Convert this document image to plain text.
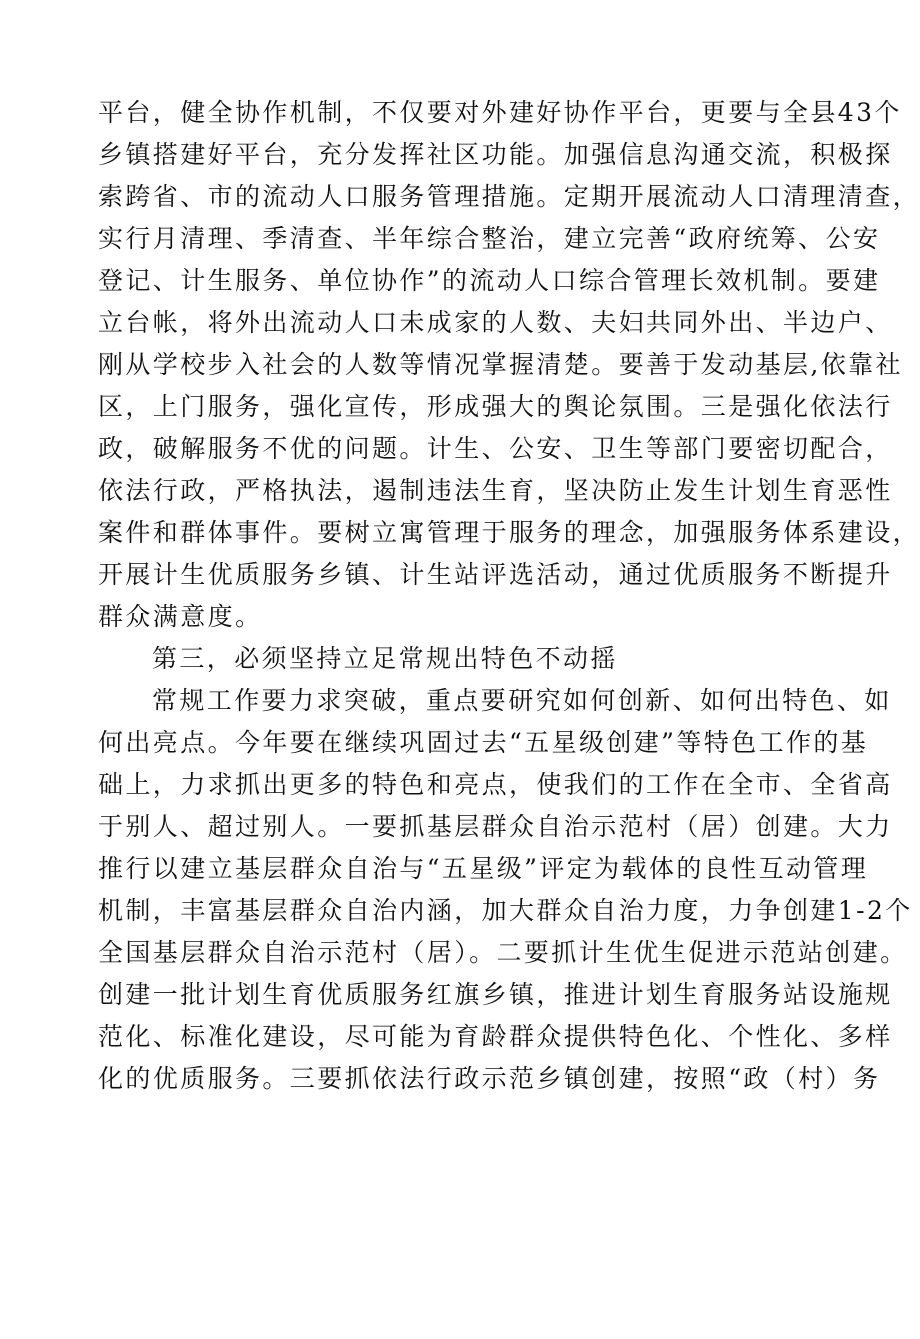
平台，健全协作机制，不仅要对外建好协作平台，更要与全县43个
乡镇搭建好平台，充分发挥社区功能。加强信息沟通交流，积极探
索跨省、市的流动人口服务管理措施。定期开展流动人口清理清查，
实行月清理、季清查、半年综合整治，建立完善“政府统筹、公安
登记、计生服务、单位协作”的流动人口综合管理长效机制。要建
立台帐，将外出流动人口未成家的人数、夫妇共同外出、半边户、
刚从学校步入社会的人数等情况掌握清楚。要善于发动基层,依靠社
区，上门服务，强化宣传，形成强大的舆论氛围。三是强化依法行
政，破解服务不优的问题。计生、公安、卫生等部门要密切配合，
依法行政，严格执法，遏制违法生育，坚决防止发生计划生育恶性
案件和群体事件。要树立寓管理于服务的理念，加强服务体系建设，
开展计生优质服务乡镇、计生站评选活动，通过优质服务不断提升
群众满意度。
第三，必须坚持立足常规出特色不动摇
常规工作要力求突破，重点要研究如何创新、如何出特色、如
何出亮点。今年要在继续巩固过去“五星级创建”等特色工作的基
础上，力求抓出更多的特色和亮点，使我们的工作在全市、全省高
于别人、超过别人。一要抓基层群众自治示范村（居）创建。大力
推行以建立基层群众自治与“五星级”评定为载体的良性互动管理
机制，丰富基层群众自治内涵，加大群众自治力度，力争创建1-2个
全国基层群众自治示范村（居）。二要抓计生优生促进示范站创建。
创建一批计划生育优质服务红旗乡镇，推进计划生育服务站设施规
范化、标准化建设，尽可能为育龄群众提供特色化、个性化、多样
化的优质服务。三要抓依法行政示范乡镇创建，按照“政（村）务
